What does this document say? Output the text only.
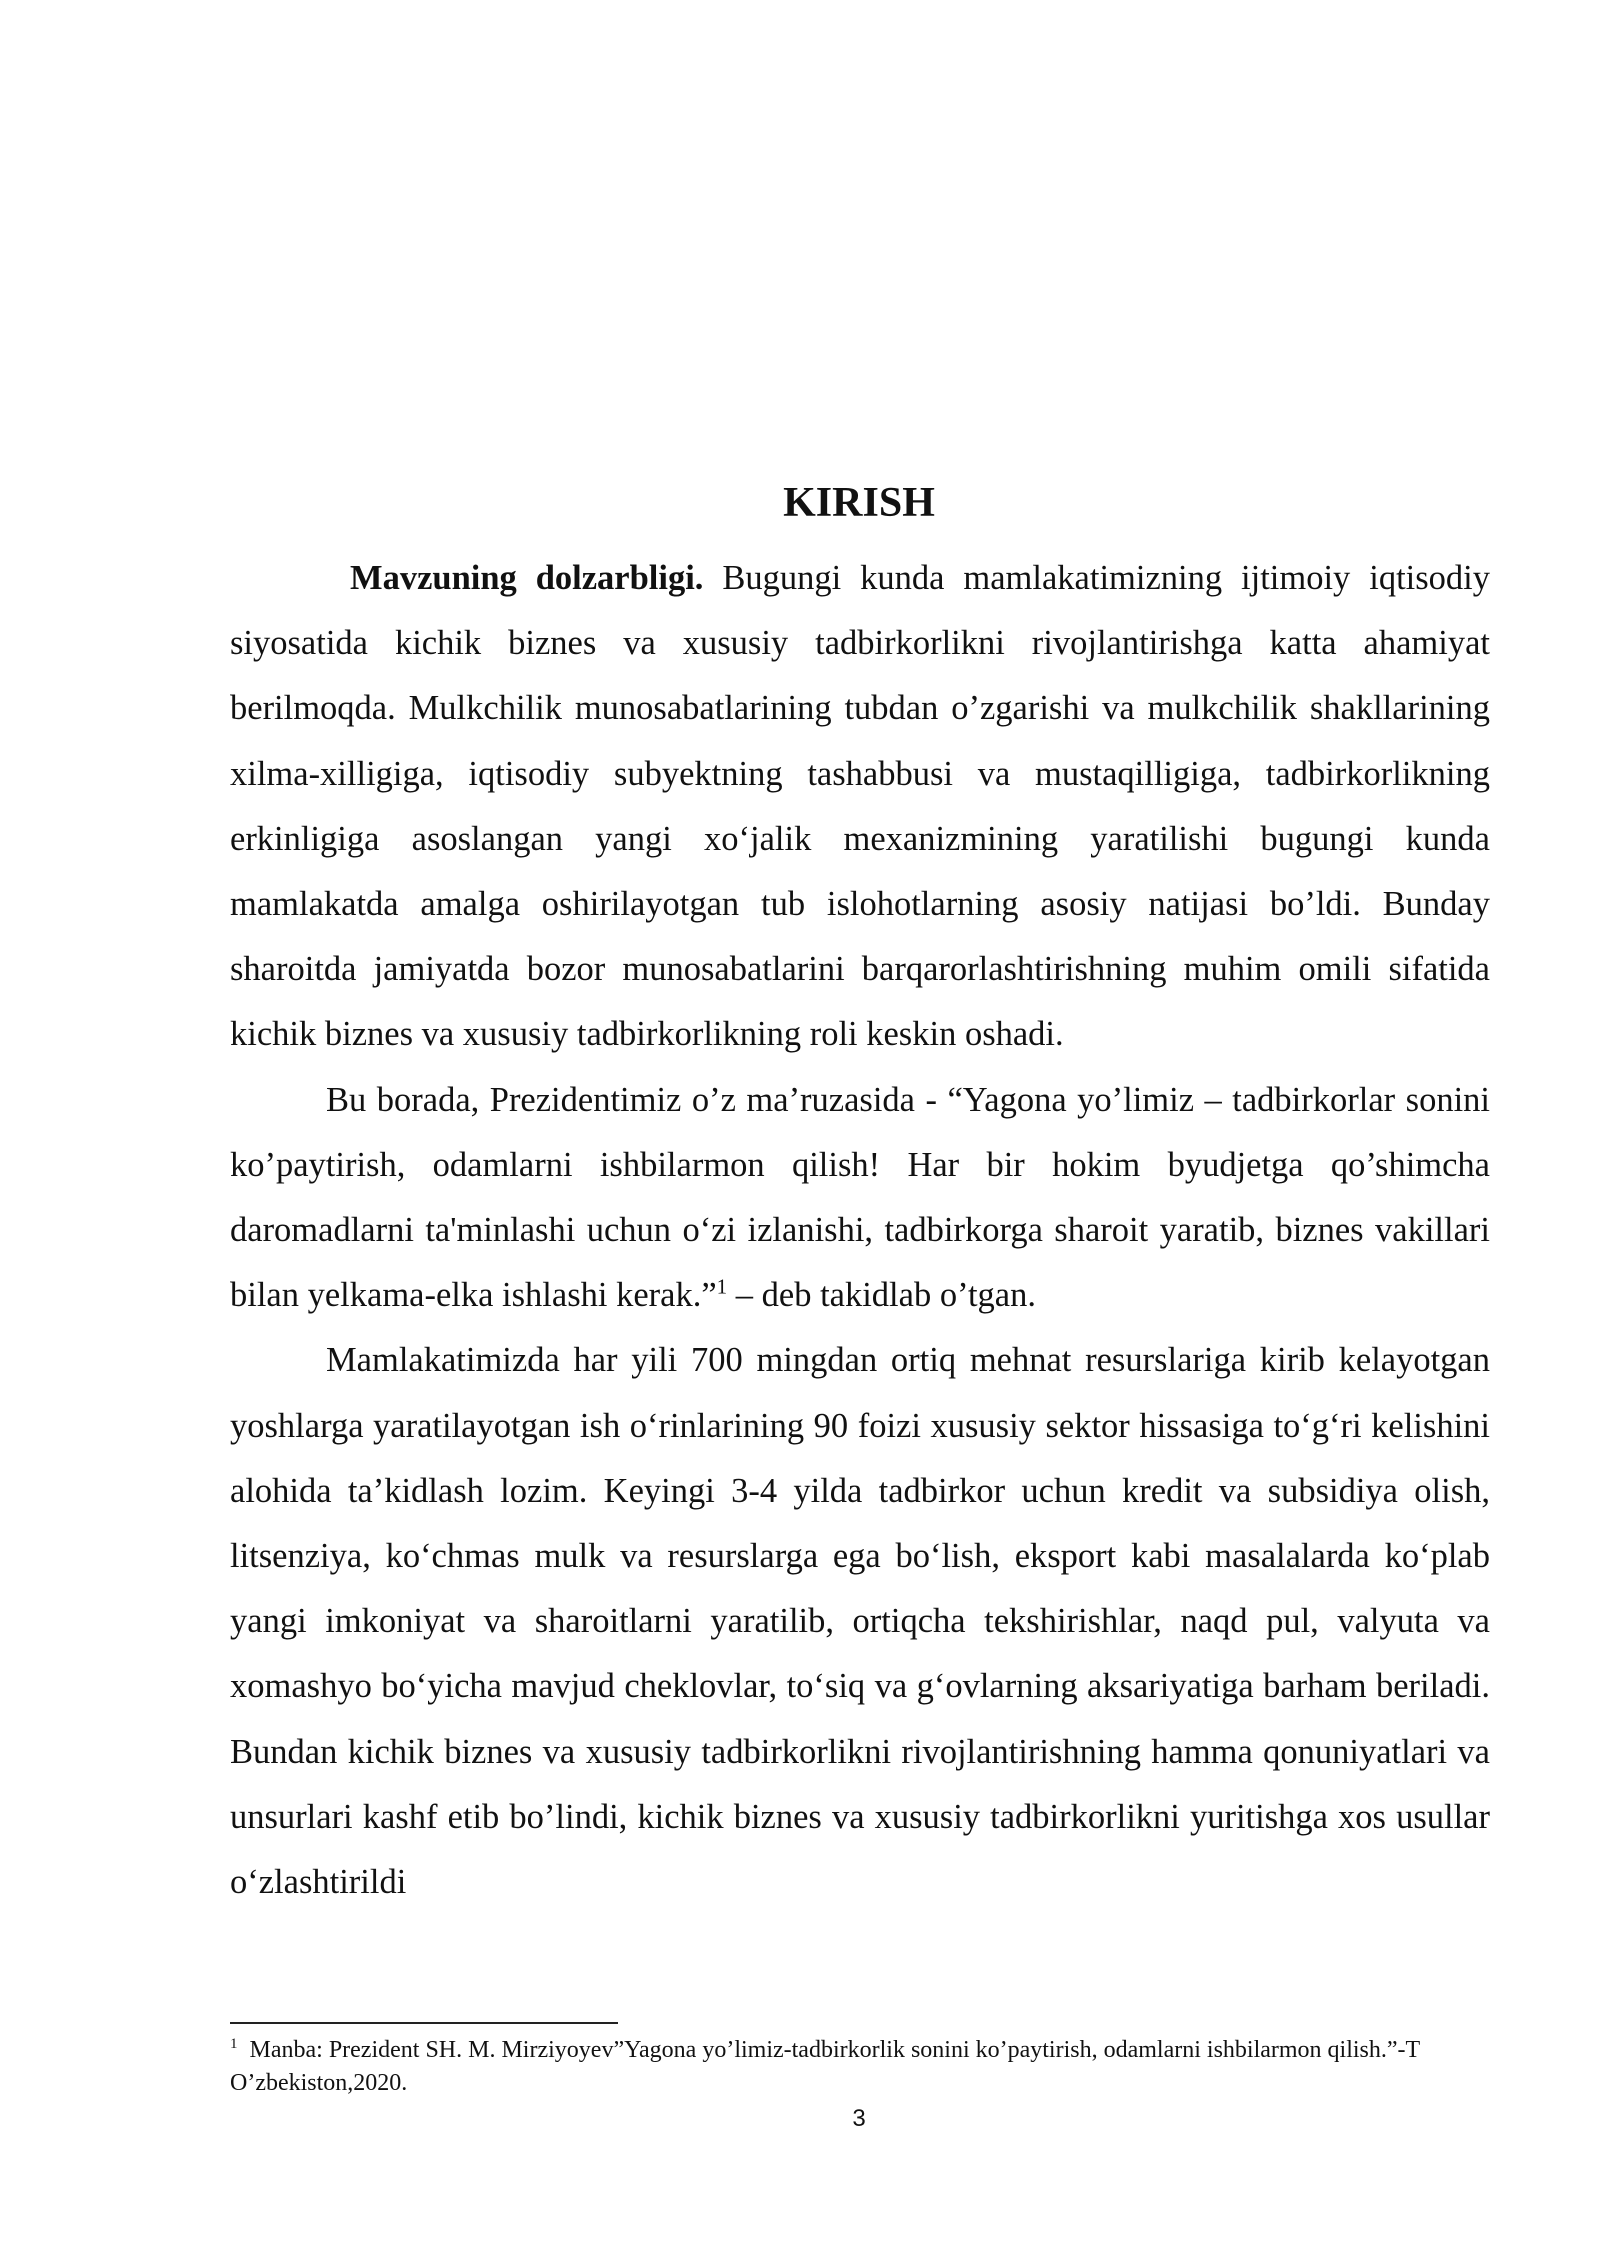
KIRISH

Mavzuning dolzarbligi. Bugungi kunda mamlakatimizning ijtimoiy iqtisodiy siyosatida kichik biznes va xususiy tadbirkorlikni rivojlantirishga katta ahamiyat berilmoqda. Mulkchilik munosabatlarining tubdan o’zgarishi va mulkchilik shakllarining xilma-xilligiga, iqtisodiy subyektning tashabbusi va mustaqilligiga, tadbirkorlikning erkinligiga asoslangan yangi xo‘jalik mexanizmining yaratilishi bugungi kunda mamlakatda amalga oshirilayotgan tub islohotlarning asosiy natijasi bo’ldi. Bunday sharoitda jamiyatda bozor munosabatlarini barqarorlashtirishning muhim omili sifatida kichik biznes va xususiy tadbirkorlikning roli keskin oshadi.

Bu borada, Prezidentimiz o’z ma’ruzasida - “Yagona yo’limiz – tadbirkorlar sonini ko’paytirish, odamlarni ishbilarmon qilish! Har bir hokim byudjetga qo’shimcha daromadlarni ta'minlashi uchun o‘zi izlanishi, tadbirkorga sharoit yaratib, biznes vakillari bilan yelkama-elka ishlashi kerak.”$^1$ – deb takidlab o’tgan.

Mamlakatimizda har yili 700 mingdan ortiq mehnat resurslariga kirib kelayotgan yoshlarga yaratilayotgan ish o‘rinlarining 90 foizi xususiy sektor hissasiga to‘g‘ri kelishini alohida ta’kidlash lozim. Keyingi 3-4 yilda tadbirkor uchun kredit va subsidiya olish, litsenziya, ko‘chmas mulk va resurslarga ega bo‘lish, eksport kabi masalalarda ko‘plab yangi imkoniyat va sharoitlarni yaratilib, ortiqcha tekshirishlar, naqd pul, valyuta va xomashyo bo‘yicha mavjud cheklovlar, to‘siq va g‘ovlarning aksariyatiga barham beriladi. Bundan kichik biznes va xususiy tadbirkorlikni rivojlantirishning hamma qonuniyatlari va unsurlari kashf etib bo’lindi, kichik biznes va xususiy tadbirkorlikni yuritishga xos usullar o‘zlashtirildi

$^1$ Manba: Prezident SH. M. Mirziyoyev”Yagona yo’limiz-tadbirkorlik sonini ko’paytirish, odamlarni ishbilarmon qilish.”-T O’zbekiston,2020.

3
